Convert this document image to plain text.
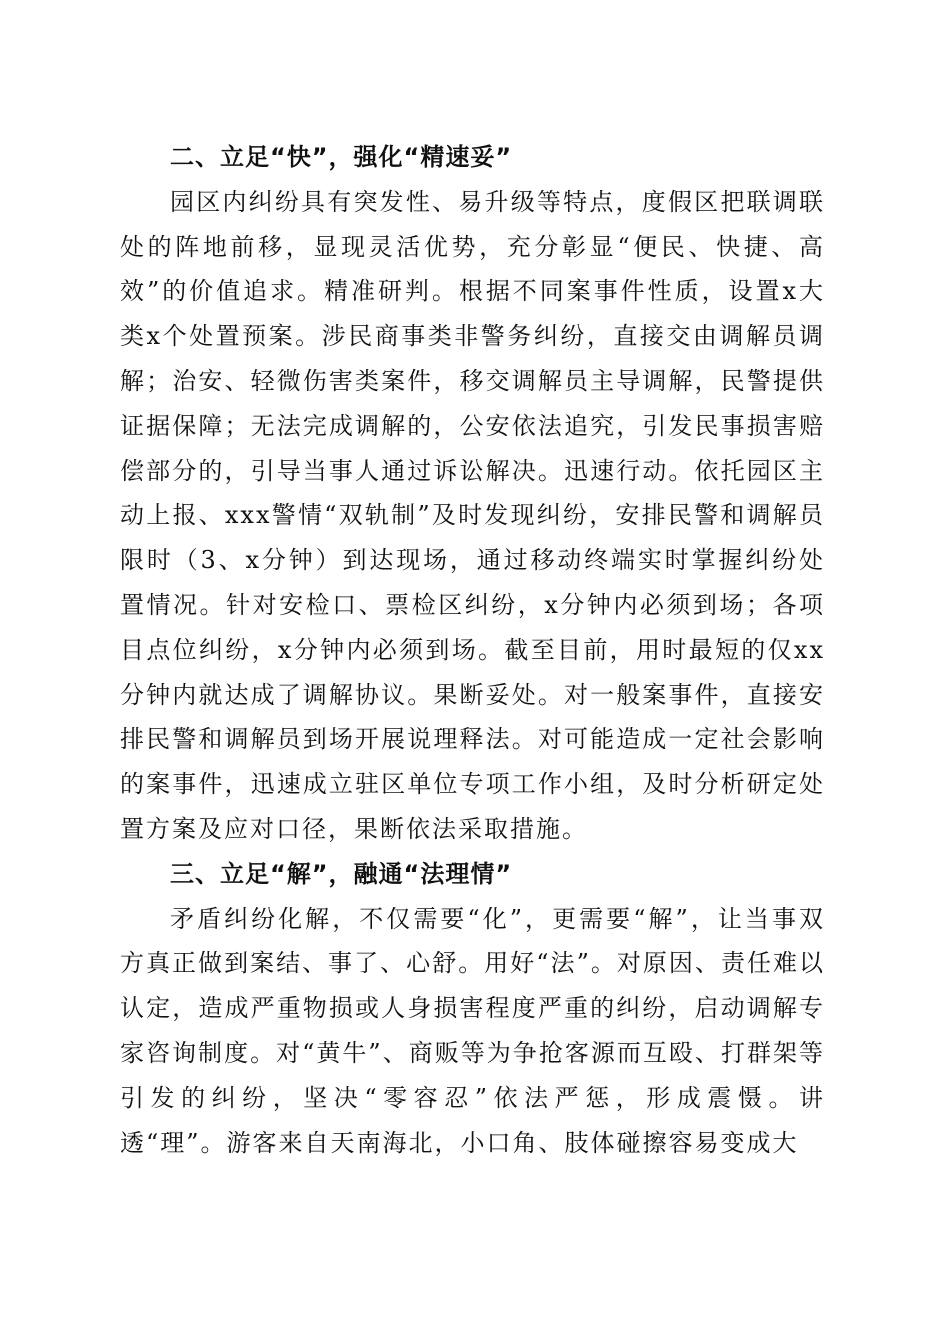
二、立足“快”，强化“精速妥”

园区内纠纷具有突发性、易升级等特点，度假区把联调联处的阵地前移，显现灵活优势，充分彰显“便民、快捷、高效”的价值追求。精准研判。根据不同案事件性质，设置x大类x个处置预案。涉民商事类非警务纠纷，直接交由调解员调解；治安、轻微伤害类案件，移交调解员主导调解，民警提供证据保障；无法完成调解的，公安依法追究，引发民事损害赔偿部分的，引导当事人通过诉讼解决。迅速行动。依托园区主动上报、xxx警情“双轨制”及时发现纠纷，安排民警和调解员限时（3、x分钟）到达现场，通过移动终端实时掌握纠纷处置情况。针对安检口、票检区纠纷，x分钟内必须到场；各项目点位纠纷，x分钟内必须到场。截至目前，用时最短的仅xx分钟内就达成了调解协议。果断妥处。对一般案事件，直接安排民警和调解员到场开展说理释法。对可能造成一定社会影响的案事件，迅速成立驻区单位专项工作小组，及时分析研定处置方案及应对口径，果断依法采取措施。

三、立足“解”，融通“法理情”

矛盾纠纷化解，不仅需要“化”，更需要“解”，让当事双方真正做到案结、事了、心舒。用好“法”。对原因、责任难以认定，造成严重物损或人身损害程度严重的纠纷，启动调解专家咨询制度。对“黄牛”、商贩等为争抢客源而互殴、打群架等引发的纠纷，坚决“零容忍”依法严惩，形成震慑。讲透“理”。游客来自天南海北，小口角、肢体碰擦容易变成大
